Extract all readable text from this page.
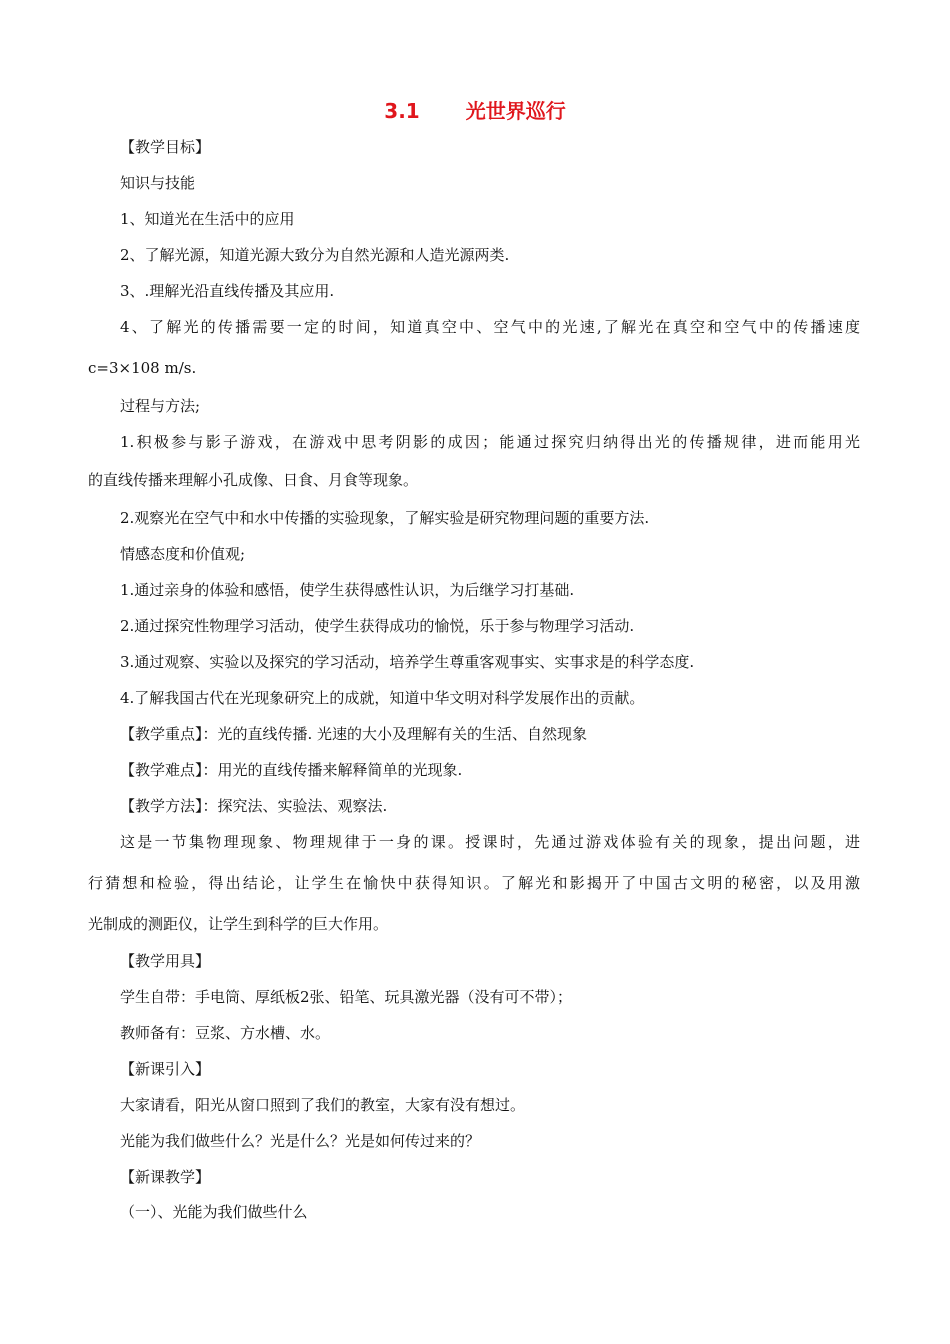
3.1 光世界巡行
【教学目标】
知识与技能
1、知道光在生活中的应用
2、了解光源，知道光源大致分为自然光源和人造光源两类.
3、.理解光沿直线传播及其应用.
4、了解光的传播需要一定的时间，知道真空中、空气中的光速,了解光在真空和空气中的传播速度
c=3×108 m/s.
过程与方法;
1.积极参与影子游戏，在游戏中思考阴影的成因；能通过探究归纳得出光的传播规律，进而能用光
的直线传播来理解小孔成像、日食、月食等现象。
2.观察光在空气中和水中传播的实验现象，了解实验是研究物理问题的重要方法.
情感态度和价值观;
1.通过亲身的体验和感悟，使学生获得感性认识，为后继学习打基础.
2.通过探究性物理学习活动，使学生获得成功的愉悦，乐于参与物理学习活动.
3.通过观察、实验以及探究的学习活动，培养学生尊重客观事实、实事求是的科学态度.
4.了解我国古代在光现象研究上的成就，知道中华文明对科学发展作出的贡献。
【教学重点】：光的直线传播. 光速的大小及理解有关的生活、自然现象
【教学难点】：用光的直线传播来解释简单的光现象.
【教学方法】：探究法、实验法、观察法.
这是一节集物理现象、物理规律于一身的课。授课时，先通过游戏体验有关的现象，提出问题，进
行猜想和检验，得出结论，让学生在愉快中获得知识。了解光和影揭开了中国古文明的秘密，以及用激
光制成的测距仪，让学生到科学的巨大作用。
【教学用具】
学生自带：手电筒、厚纸板2张、铅笔、玩具激光器（没有可不带）；
教师备有：豆浆、方水槽、水。
【新课引入】
大家请看，阳光从窗口照到了我们的教室，大家有没有想过。
光能为我们做些什么？光是什么？光是如何传过来的？
【新课教学】
（一）、光能为我们做些什么
